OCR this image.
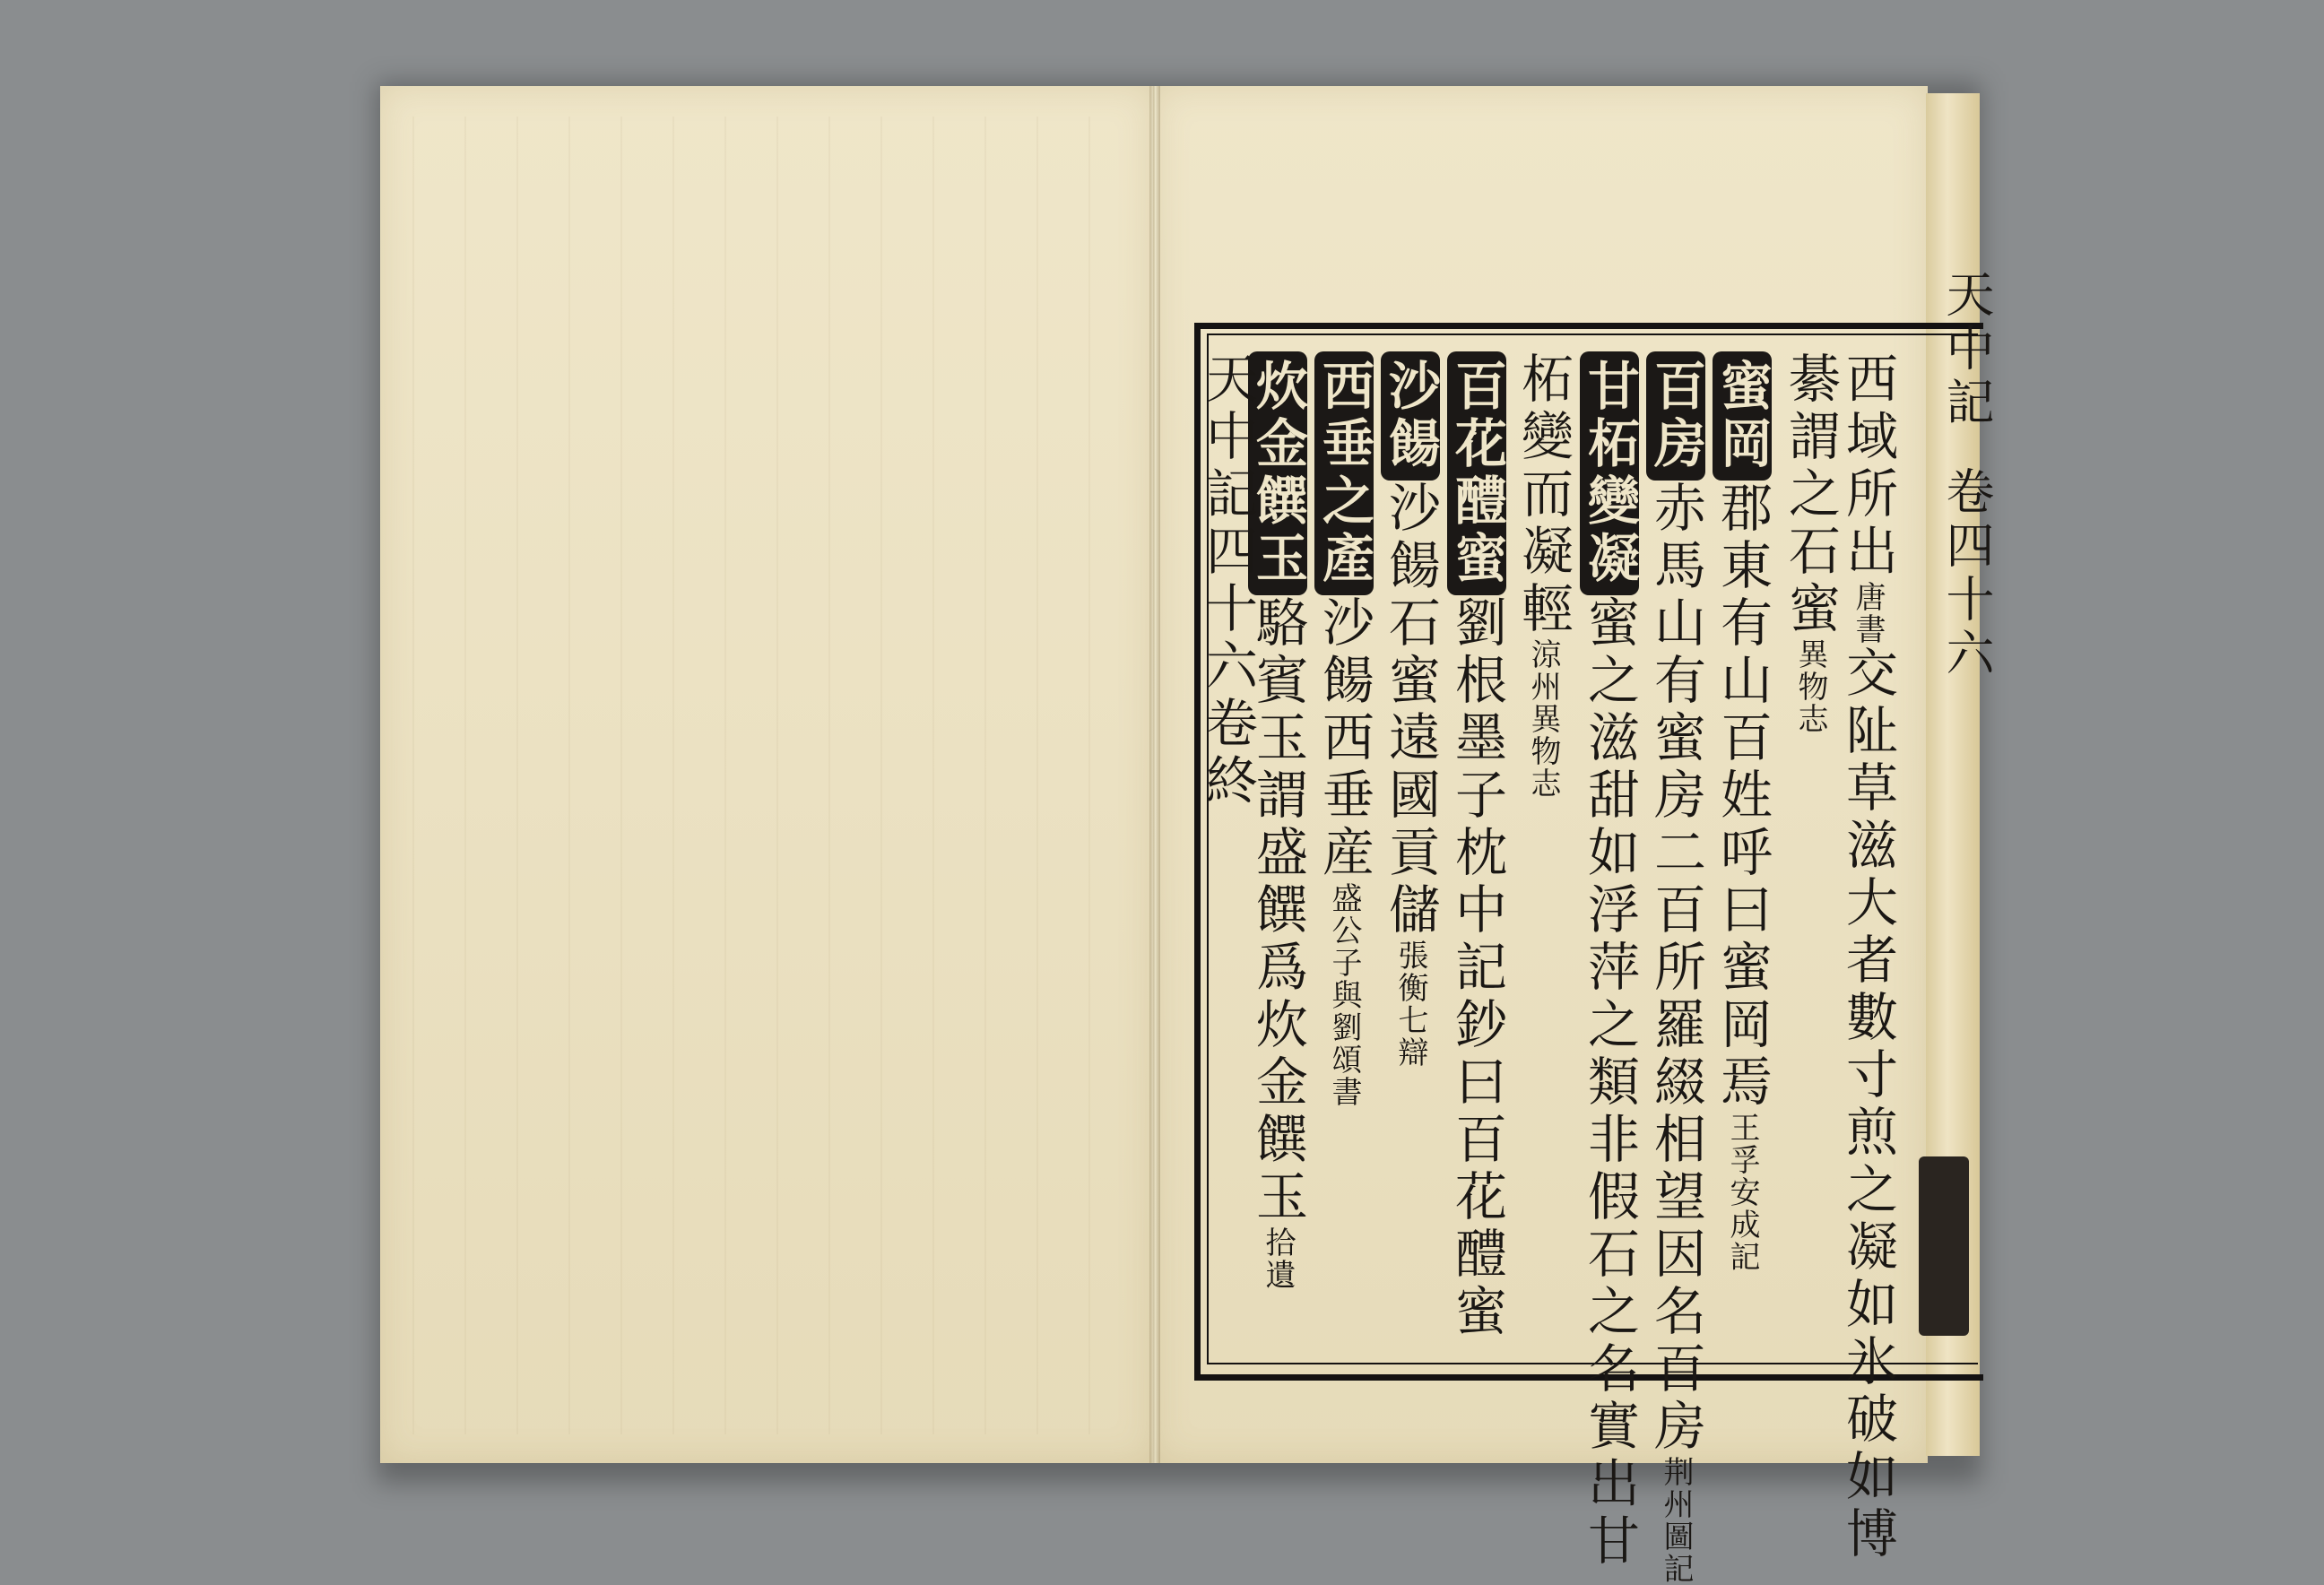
天中記
卷四十六
西域所出唐書交阯草滋大者數寸煎之凝如氷破如博
綦謂之石蜜異物志
蜜岡郡東有山百姓呼曰蜜岡焉王孚安成記
百房赤馬山有蜜房二百所羅綴相望因名百房荆州圖記
甘柘變凝蜜之滋甜如浮萍之類非假石之名實出甘
柘變而凝輕涼州異物志
百花醴蜜劉根墨子枕中記鈔曰百花醴蜜
沙餳沙餳石蜜遠國貢儲張衡七辯
西垂之產沙餳西垂産盛公子與劉頌書
炊金饌玉駱賓玉謂盛饌爲炊金饌玉拾遺
天中記四十六卷終
